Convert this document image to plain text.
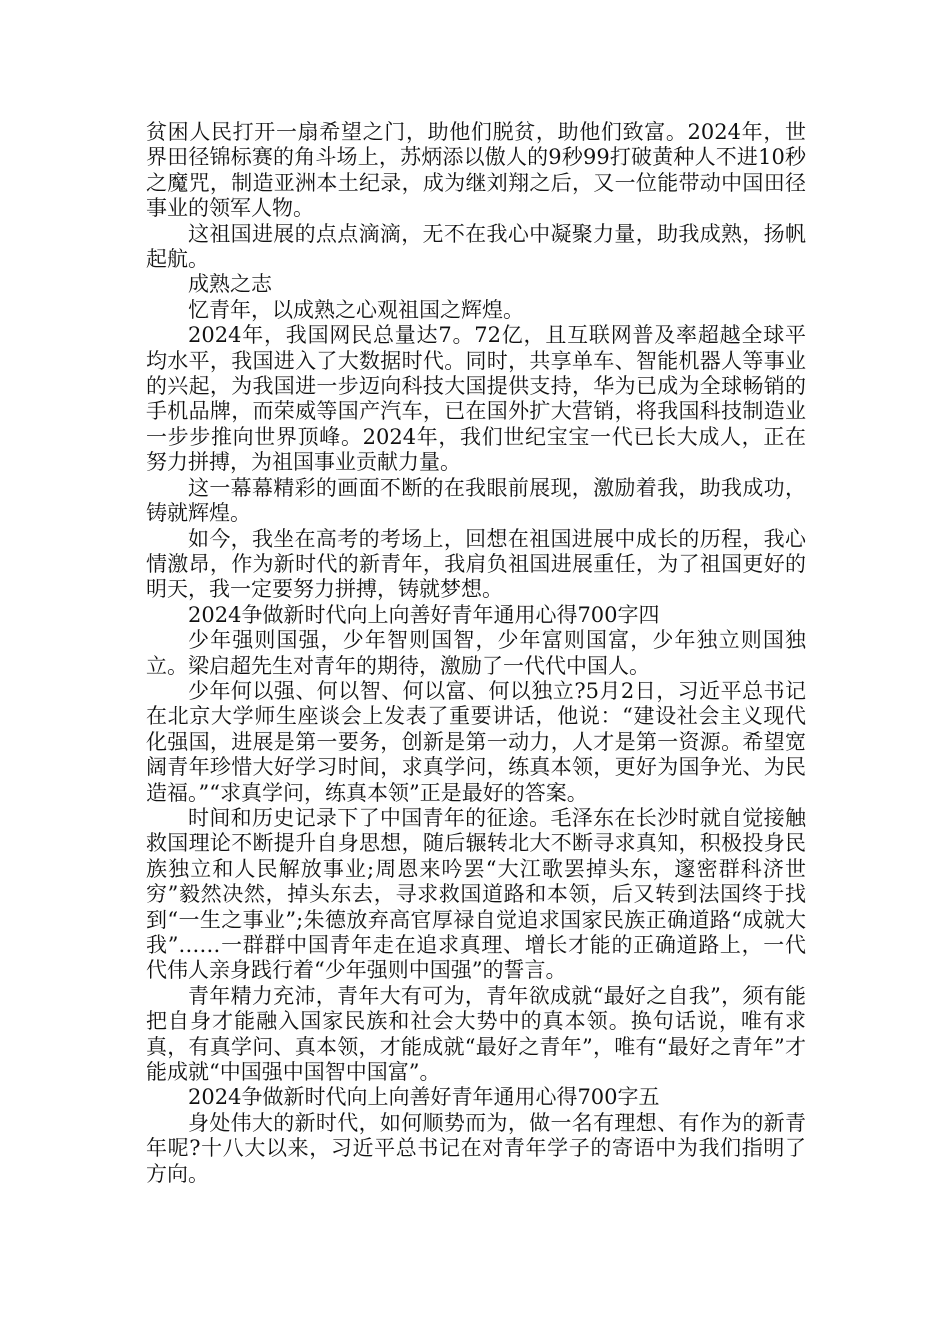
贫困人民打开一扇希望之门，助他们脱贫，助他们致富。2024年，世界田径锦标赛的角斗场上，苏炳添以傲人的9秒99打破黄种人不进10秒之魔咒，制造亚洲本土纪录，成为继刘翔之后，又一位能带动中国田径事业的领军人物。

这祖国进展的点点滴滴，无不在我心中凝聚力量，助我成熟，扬帆起航。

成熟之志

忆青年，以成熟之心观祖国之辉煌。

2024年，我国网民总量达7。72亿，且互联网普及率超越全球平均水平，我国进入了大数据时代。同时，共享单车、智能机器人等事业的兴起，为我国进一步迈向科技大国提供支持，华为已成为全球畅销的手机品牌，而荣威等国产汽车，已在国外扩大营销，将我国科技制造业一步步推向世界顶峰。2024年，我们世纪宝宝一代已长大成人，正在努力拼搏，为祖国事业贡献力量。

这一幕幕精彩的画面不断的在我眼前展现，激励着我，助我成功，铸就辉煌。

如今，我坐在高考的考场上，回想在祖国进展中成长的历程，我心情激昂，作为新时代的新青年，我肩负祖国进展重任，为了祖国更好的明天，我一定要努力拼搏，铸就梦想。

2024争做新时代向上向善好青年通用心得700字四

少年强则国强，少年智则国智，少年富则国富，少年独立则国独立。梁启超先生对青年的期待，激励了一代代中国人。

少年何以强、何以智、何以富、何以独立?5月2日，习近平总书记在北京大学师生座谈会上发表了重要讲话，他说：“建设社会主义现代化强国，进展是第一要务，创新是第一动力，人才是第一资源。希望宽阔青年珍惜大好学习时间，求真学问，练真本领，更好为国争光、为民造福。”“求真学问，练真本领”正是最好的答案。

时间和历史记录下了中国青年的征途。毛泽东在长沙时就自觉接触救国理论不断提升自身思想，随后辗转北大不断寻求真知，积极投身民族独立和人民解放事业;周恩来吟罢“大江歌罢掉头东，邃密群科济世穷”毅然决然，掉头东去，寻求救国道路和本领，后又转到法国终于找到“一生之事业”;朱德放弃高官厚禄自觉追求国家民族正确道路“成就大我”……一群群中国青年走在追求真理、增长才能的正确道路上，一代代伟人亲身践行着“少年强则中国强”的誓言。

青年精力充沛，青年大有可为，青年欲成就“最好之自我”，须有能把自身才能融入国家民族和社会大势中的真本领。换句话说，唯有求真，有真学问、真本领，才能成就“最好之青年”，唯有“最好之青年”才能成就“中国强中国智中国富”。

2024争做新时代向上向善好青年通用心得700字五

身处伟大的新时代，如何顺势而为，做一名有理想、有作为的新青年呢?十八大以来，习近平总书记在对青年学子的寄语中为我们指明了方向。
